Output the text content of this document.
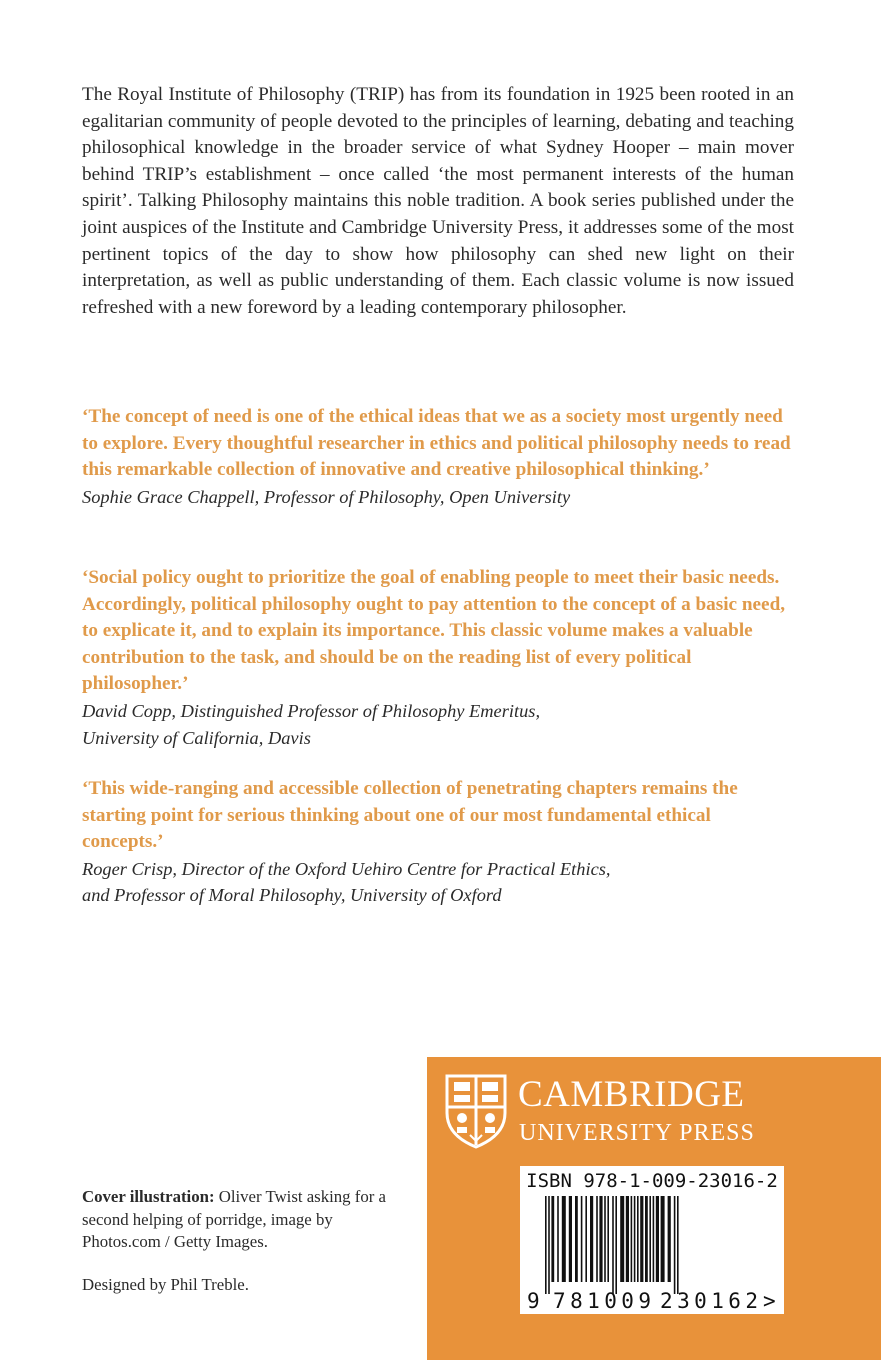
The Royal Institute of Philosophy (TRIP) has from its foundation in 1925 been rooted in an egalitarian community of people devoted to the principles of learning, debating and teaching philosophical knowledge in the broader service of what Sydney Hooper – main mover behind TRIP’s establishment – once called ‘the most permanent interests of the human spirit’. Talking Philosophy maintains this noble tradition. A book series published under the joint auspices of the Institute and Cambridge University Press, it addresses some of the most pertinent topics of the day to show how philosophy can shed new light on their interpretation, as well as public understanding of them. Each classic volume is now issued refreshed with a new foreword by a leading contemporary philosopher.

‘The concept of need is one of the ethical ideas that we as a society most urgently need to explore. Every thoughtful researcher in ethics and political philosophy needs to read this remarkable collection of innovative and creative philosophical thinking.’

Sophie Grace Chappell, Professor of Philosophy, Open University

‘Social policy ought to prioritize the goal of enabling people to meet their basic needs. Accordingly, political philosophy ought to pay attention to the concept of a basic need, to explicate it, and to explain its importance. This classic volume makes a valuable contribution to the task, and should be on the reading list of every political philosopher.’

David Copp, Distinguished Professor of Philosophy Emeritus,

University of California, Davis

‘This wide-ranging and accessible collection of penetrating chapters remains the starting point for serious thinking about one of our most fundamental ethical concepts.’

Roger Crisp, Director of the Oxford Uehiro Centre for Practical Ethics,

and Professor of Moral Philosophy, University of Oxford

Cover illustration: Oliver Twist asking for a second helping of porridge, image by Photos.com / Getty Images.

Designed by Phil Treble.

CAMBRIDGE

UNIVERSITY PRESS

ISBN 978-1-009-23016-2

9 781009 230162 >
